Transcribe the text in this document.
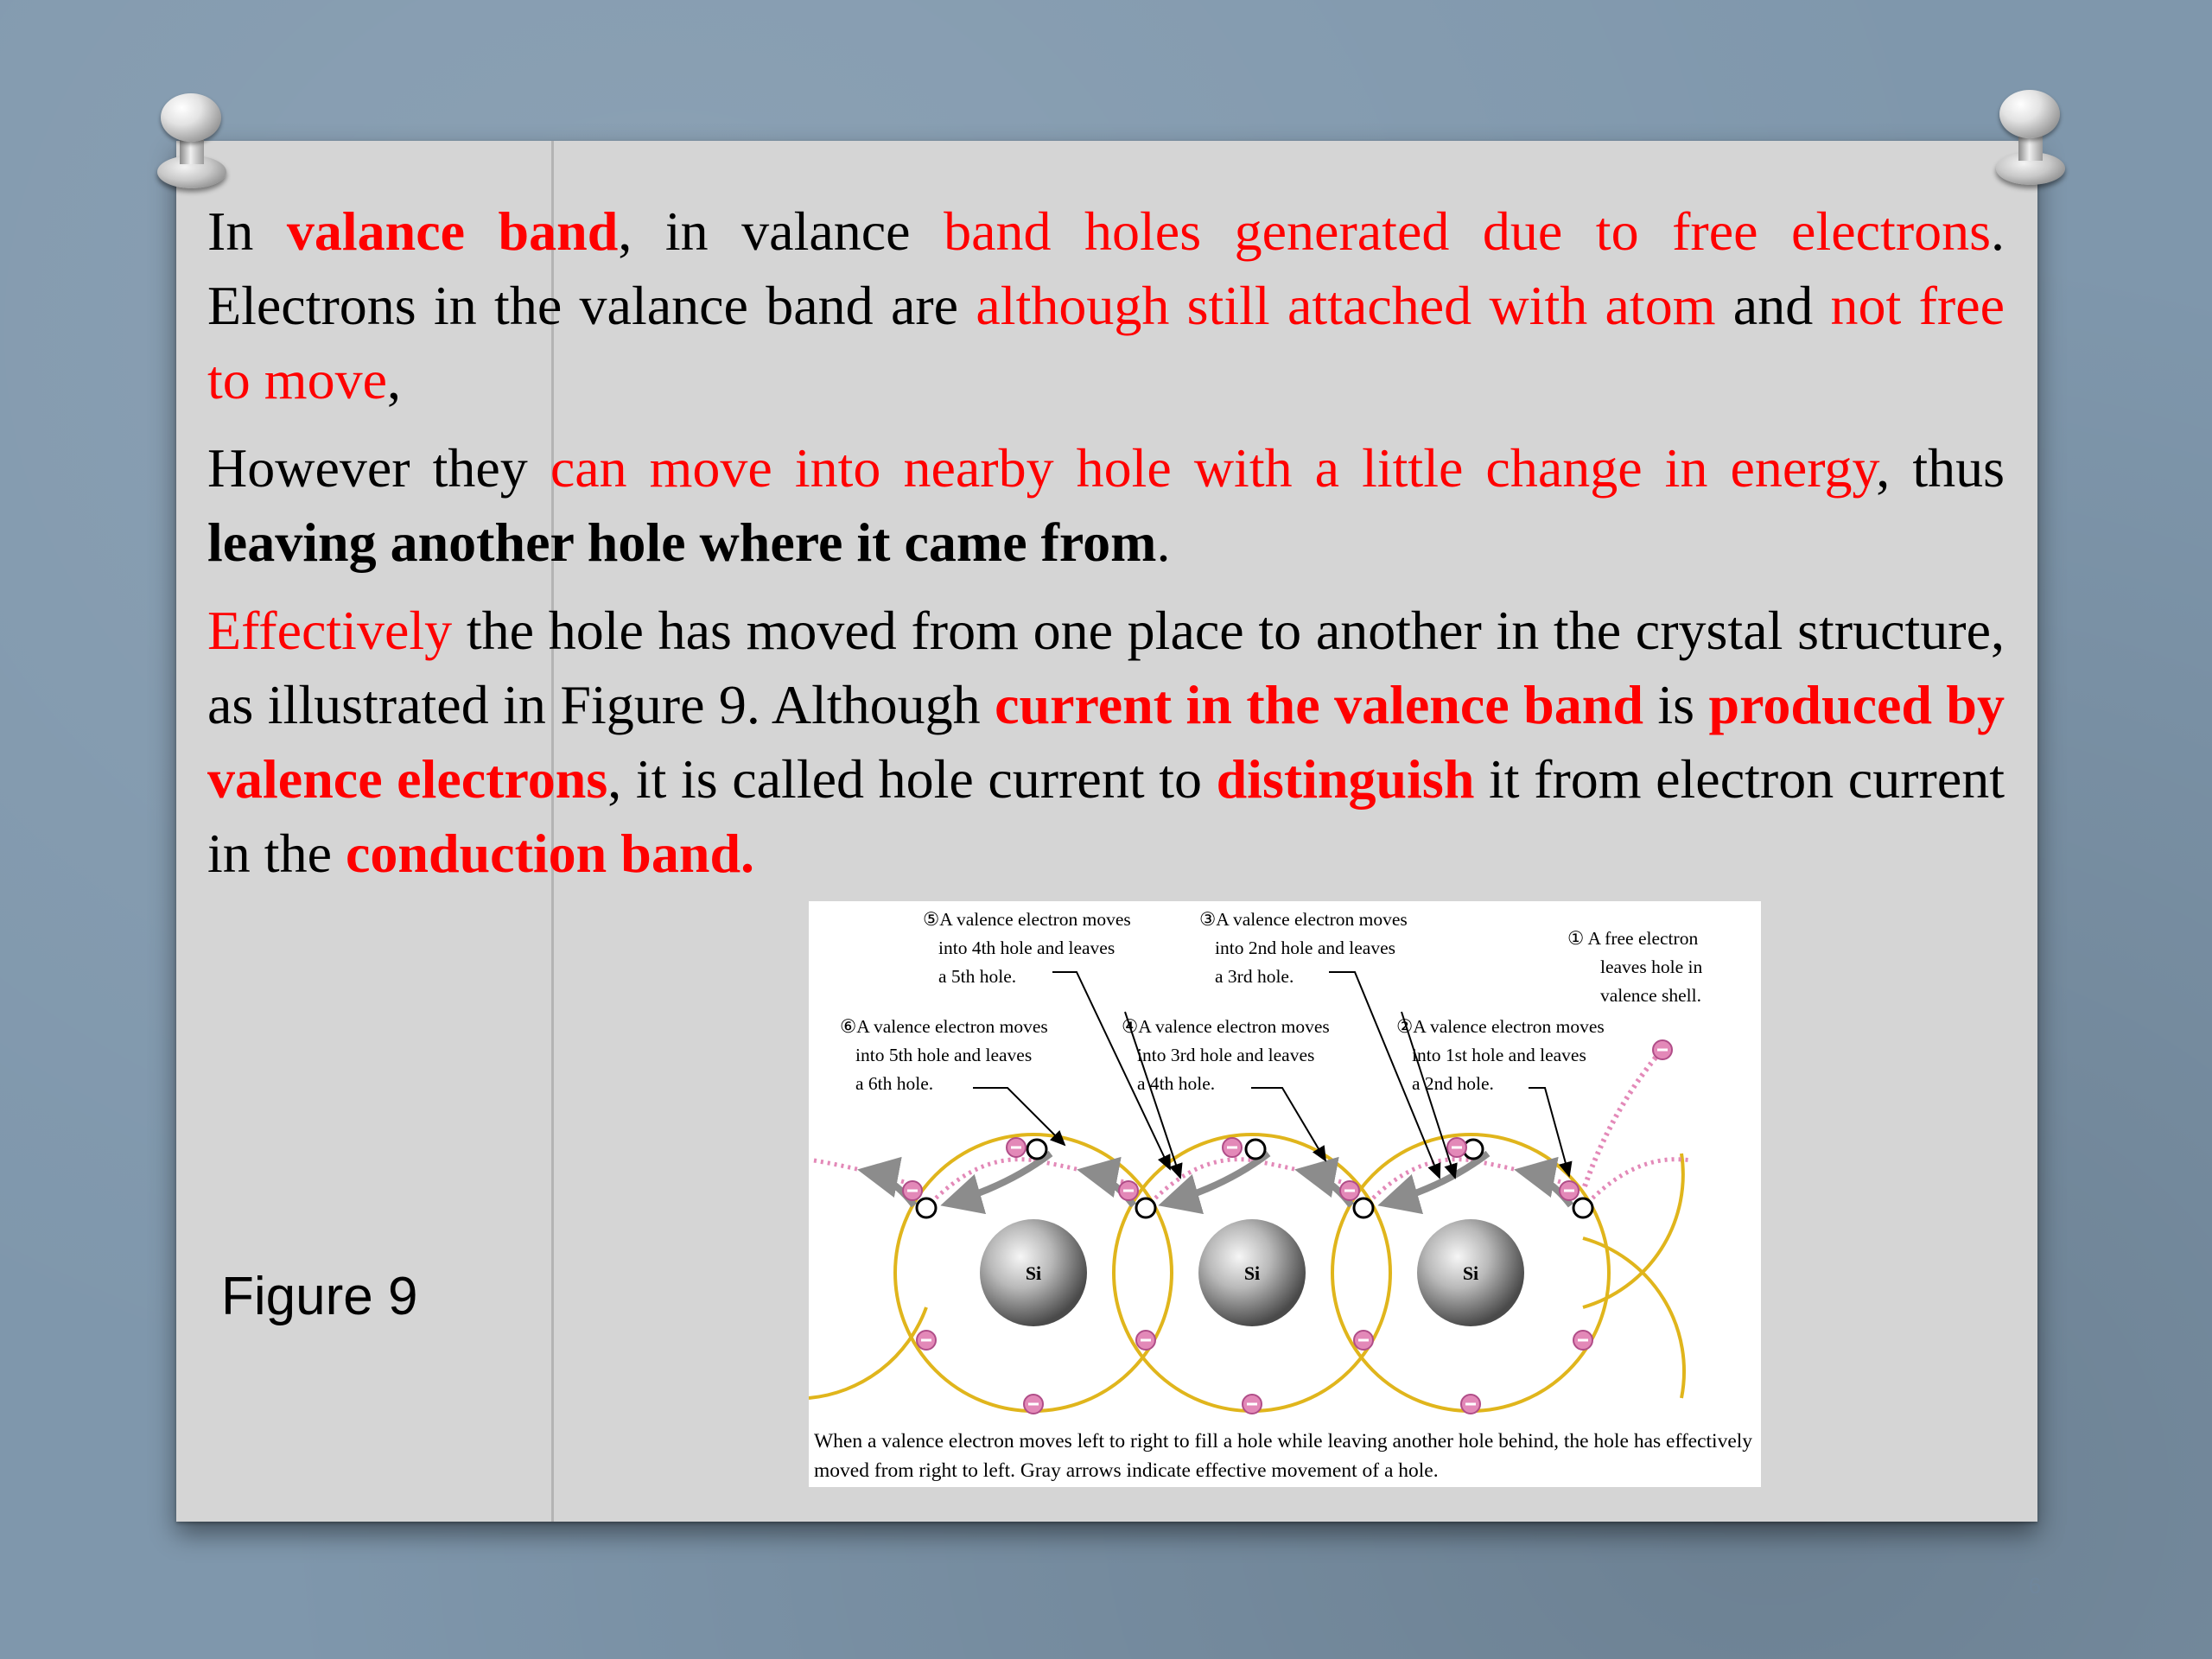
In valance band, in valance band holes generated due to free electrons. Electrons in the valance band are although still attached with atom and not free to move,

However they can move into nearby hole with a little change in energy, thus leaving another hole where it came from.

Effectively the hole has moved from one place to another in the crystal structure, as illustrated in Figure 9. Although current in the valence band is produced by valence electrons, it is called hole current to distinguish it from electron current in the conduction band.

Figure 9	Si	Si	Si
⑤A valence electron moves
into 4th hole and leaves
a 5th hole.
③A valence electron moves
into 2nd hole and leaves
a 3rd hole.
① A free electron
leaves hole in
valence shell.
⑥A valence electron moves
into 5th hole and leaves
a 6th hole.
④A valence electron moves
into 3rd hole and leaves
a 4th hole.
②A valence electron moves
into 1st hole and leaves
a 2nd hole.
When a valence electron moves left to right to fill a hole while leaving another hole behind, the hole has effectively moved from right to left. Gray arrows indicate effective movement of a hole.
6
